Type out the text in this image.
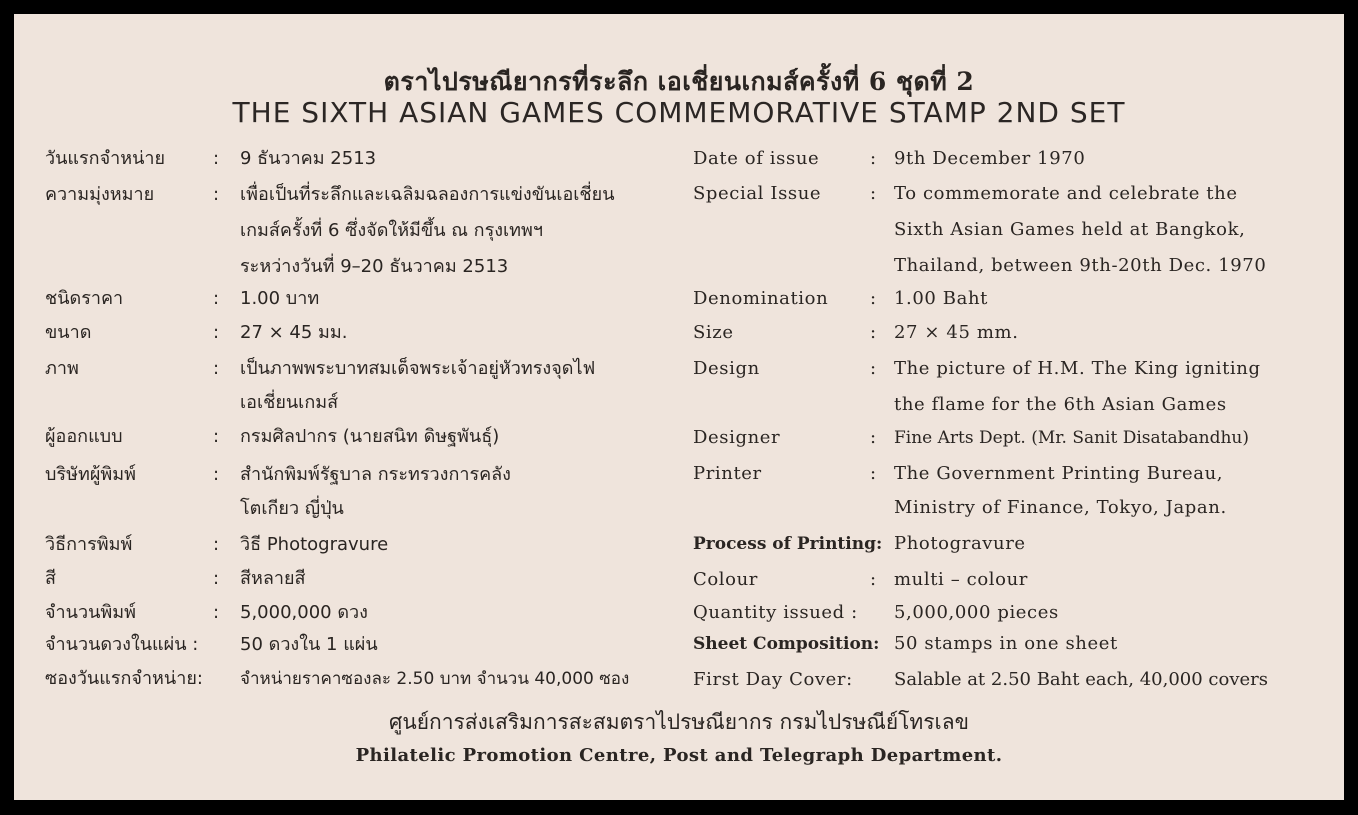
ตราไปรษณียากรที่ระลึก เอเชี่ยนเกมส์ครั้งที่ 6 ชุดที่ 2
THE SIXTH ASIAN GAMES COMMEMORATIVE STAMP 2ND SET
วันแรกจำหน่าย	: 9 ธันวาคม 2513
ความมุ่งหมาย	: เพื่อเป็นที่ระลึกและเฉลิมฉลองการแข่งขันเอเชี่ยน
เกมส์ครั้งที่ 6 ซึ่งจัดให้มีขึ้น ณ กรุงเทพฯ
ระหว่างวันที่ 9–20 ธันวาคม 2513
ชนิดราคา	: 1.00 บาท
ขนาด	: 27 × 45 มม.
ภาพ	: เป็นภาพพระบาทสมเด็จพระเจ้าอยู่หัวทรงจุดไฟ
เอเชี่ยนเกมส์
ผู้ออกแบบ	: กรมศิลปากร (นายสนิท ดิษฐพันธุ์)
บริษัทผู้พิมพ์	: สำนักพิมพ์รัฐบาล กระทรวงการคลัง
โตเกียว ญี่ปุ่น
วิธีการพิมพ์	: วิธี Photogravure
สี	: สีหลายสี
จำนวนพิมพ์	: 5,000,000 ดวง
จำนวนดวงในแผ่น : 50 ดวงใน 1 แผ่น
ซองวันแรกจำหน่าย: จำหน่ายราคาซองละ 2.50 บาท จำนวน 40,000 ซอง
Date of issue	: 9th December 1970
Special Issue	: To commemorate and celebrate the
Sixth Asian Games held at Bangkok,
Thailand, between 9th-20th Dec. 1970
Denomination : 1.00 Baht
Size	: 27 × 45 mm.
Design	: The picture of H.M. The King igniting
the flame for the 6th Asian Games
Designer	: Fine Arts Dept. (Mr. Sanit Disatabandhu)
Printer	: The Government Printing Bureau,
Ministry of Finance, Tokyo, Japan.
Process of Printing: Photogravure
Colour	: multi – colour
Quantity issued : 5,000,000 pieces
Sheet Composition: 50 stamps in one sheet
First Day Cover: Salable at 2.50 Baht each, 40,000 covers
ศูนย์การส่งเสริมการสะสมตราไปรษณียากร กรมไปรษณีย์โทรเลข
Philatelic Promotion Centre, Post and Telegraph Department.
